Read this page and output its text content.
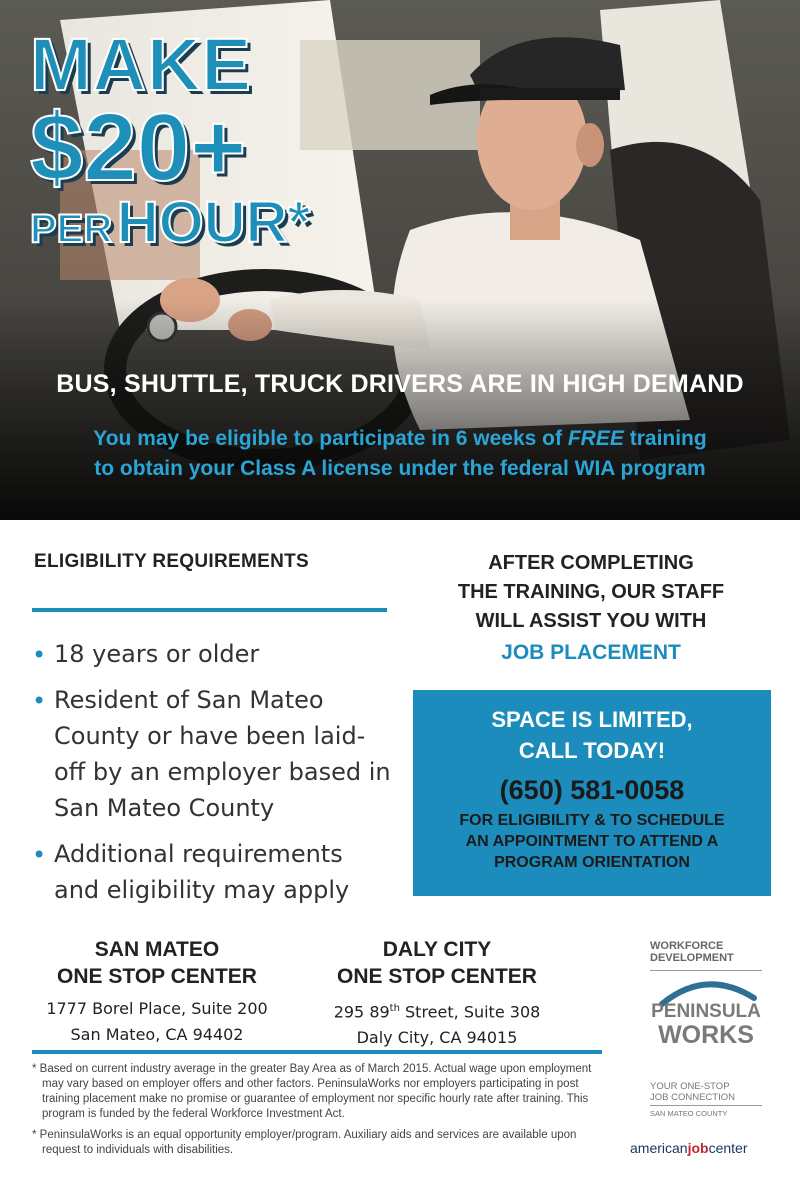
MAKE
$20+
PER HOUR*
BUS, SHUTTLE, TRUCK DRIVERS ARE IN HIGH DEMAND
You may be eligible to participate in 6 weeks of FREE training
to obtain your Class A license under the federal WIA program
ELIGIBILITY REQUIREMENTS
• 18 years or older
• Resident of San Mateo County or have been laid-off by an employer based in San Mateo County
• Additional requirements and eligibility may apply
AFTER COMPLETING
THE TRAINING, OUR STAFF
WILL ASSIST YOU WITH
JOB PLACEMENT
SPACE IS LIMITED,
CALL TODAY!
(650) 581-0058
FOR ELIGIBILITY & TO SCHEDULE
AN APPOINTMENT TO ATTEND A
PROGRAM ORIENTATION
SAN MATEO
ONE STOP CENTER
1777 Borel Place, Suite 200
San Mateo, CA 94402
DALY CITY
ONE STOP CENTER
295 89th Street, Suite 308
Daly City, CA 94015

* Based on current industry average in the greater Bay Area as of March 2015. Actual wage upon employment may vary based on employer offers and other factors. PeninsulaWorks nor employers participating in post training placement make no promise or guarantee of employment nor specific hourly rate after training. This program is funded by the federal Workforce Investment Act.

* PeninsulaWorks is an equal opportunity employer/program. Auxiliary aids and services are available upon request to individuals with disabilities.

WORKFORCE
DEVELOPMENT
PENINSULA
WORKS
YOUR ONE-STOP
JOB CONNECTION
SAN MATEO COUNTY
americanjobcenter
